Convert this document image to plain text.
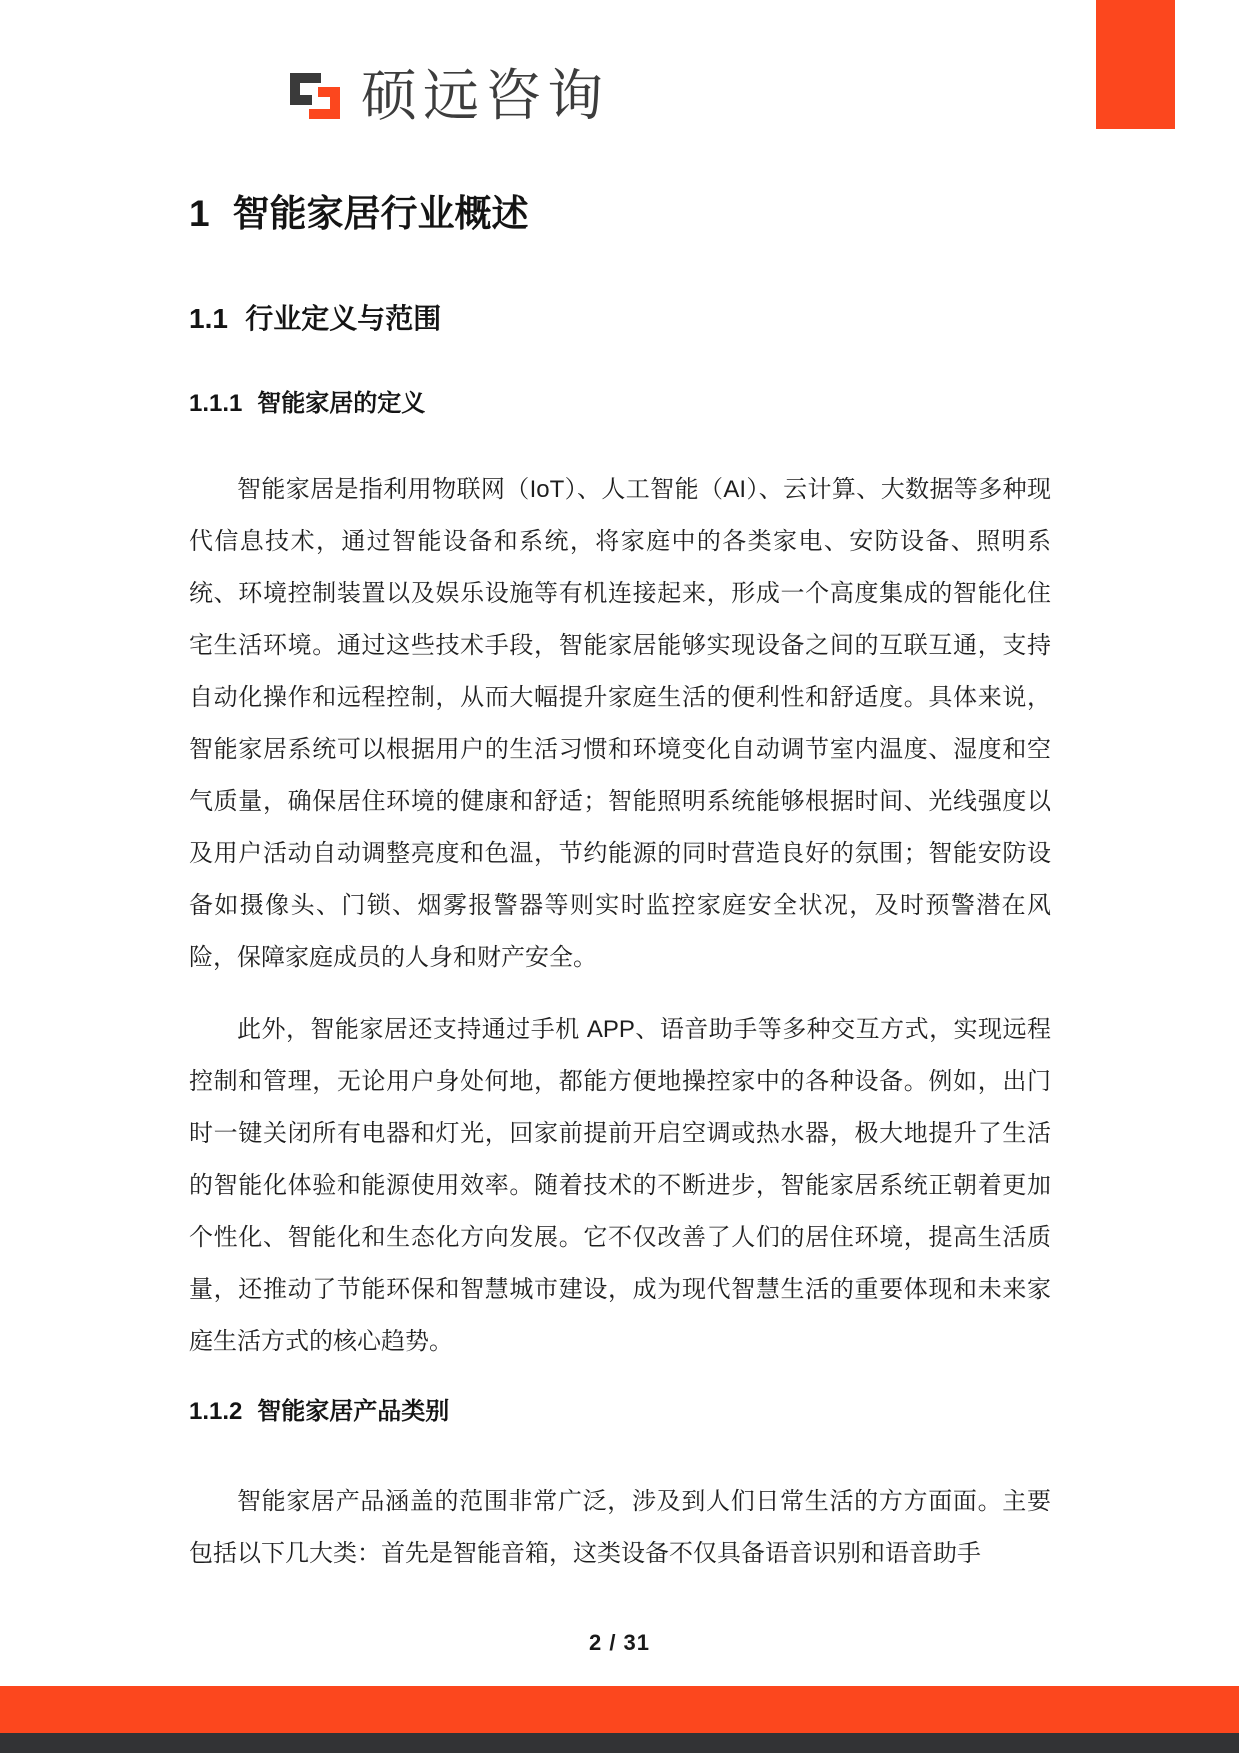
硕远咨询
1 智能家居行业概述
1.1 行业定义与范围
1.1.1 智能家居的定义

智能家居是指利用物联网（IoT）、人工智能（AI）、云计算、大数据等多种现代信息技术，通过智能设备和系统，将家庭中的各类家电、安防设备、照明系统、环境控制装置以及娱乐设施等有机连接起来，形成一个高度集成的智能化住宅生活环境。通过这些技术手段，智能家居能够实现设备之间的互联互通，支持自动化操作和远程控制，从而大幅提升家庭生活的便利性和舒适度。具体来说，智能家居系统可以根据用户的生活习惯和环境变化自动调节室内温度、湿度和空气质量，确保居住环境的健康和舒适；智能照明系统能够根据时间、光线强度以及用户活动自动调整亮度和色温，节约能源的同时营造良好的氛围；智能安防设备如摄像头、门锁、烟雾报警器等则实时监控家庭安全状况，及时预警潜在风险，保障家庭成员的人身和财产安全。

此外，智能家居还支持通过手机 APP、语音助手等多种交互方式，实现远程控制和管理，无论用户身处何地，都能方便地操控家中的各种设备。例如，出门时一键关闭所有电器和灯光，回家前提前开启空调或热水器，极大地提升了生活的智能化体验和能源使用效率。随着技术的不断进步，智能家居系统正朝着更加个性化、智能化和生态化方向发展。它不仅改善了人们的居住环境，提高生活质量，还推动了节能环保和智慧城市建设，成为现代智慧生活的重要体现和未来家庭生活方式的核心趋势。

1.1.2 智能家居产品类别

智能家居产品涵盖的范围非常广泛，涉及到人们日常生活的方方面面。主要包括以下几大类：首先是智能音箱，这类设备不仅具备语音识别和语音助手

2 / 31
